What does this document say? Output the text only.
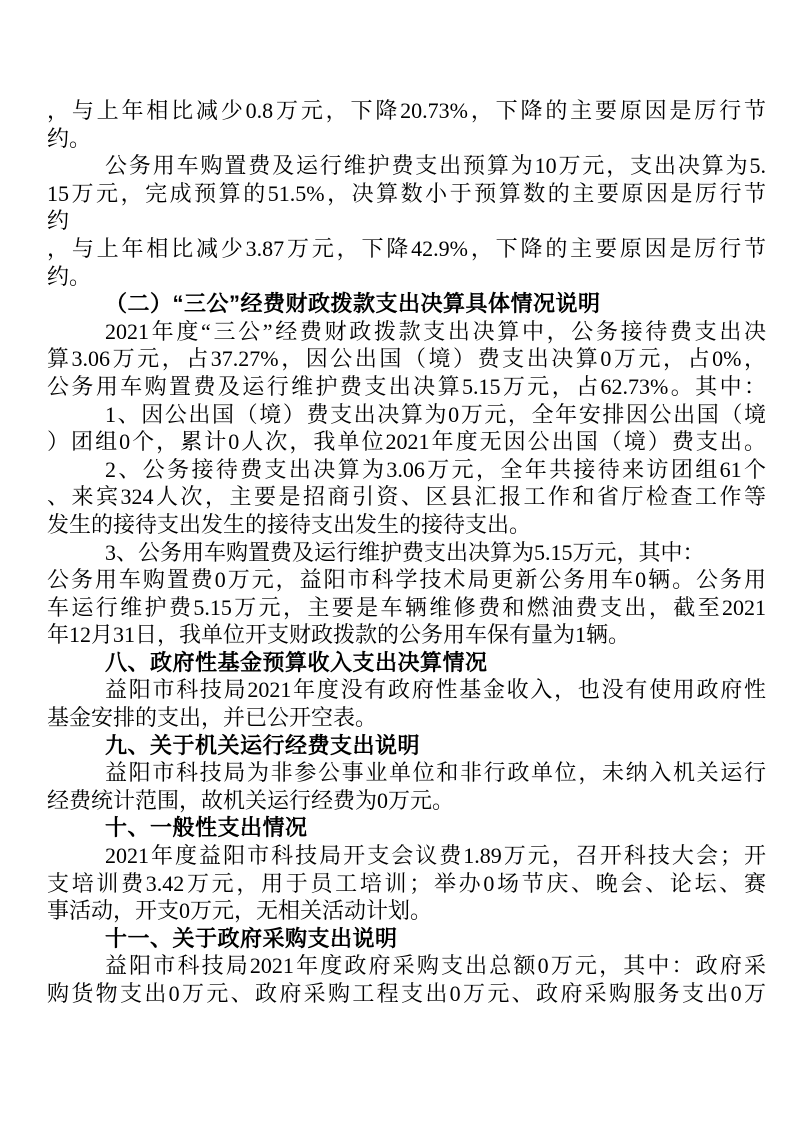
，与上年相比减少0.8万元，下降20.73%，下降的主要原因是厉行节
约。
公务用车购置费及运行维护费支出预算为10万元，支出决算为5.
15万元，完成预算的51.5%，决算数小于预算数的主要原因是厉行节
约
，与上年相比减少3.87万元，下降42.9%，下降的主要原因是厉行节
约。
（二）“三公”经费财政拨款支出决算具体情况说明
2021年度“三公”经费财政拨款支出决算中，公务接待费支出决
算3.06万元，占37.27%，因公出国（境）费支出决算0万元，占0%，
公务用车购置费及运行维护费支出决算5.15万元，占62.73%。其中：
1、因公出国（境）费支出决算为0万元，全年安排因公出国（境
）团组0个，累计0人次，我单位2021年度无因公出国（境）费支出。
2、公务接待费支出决算为3.06万元，全年共接待来访团组61个
、来宾324人次，主要是招商引资、区县汇报工作和省厅检查工作等
发生的接待支出发生的接待支出发生的接待支出。
3、公务用车购置费及运行维护费支出决算为5.15万元，其中：
公务用车购置费0万元，益阳市科学技术局更新公务用车0辆。公务用
车运行维护费5.15万元，主要是车辆维修费和燃油费支出，截至2021
年12月31日，我单位开支财政拨款的公务用车保有量为1辆。
八、政府性基金预算收入支出决算情况
益阳市科技局2021年度没有政府性基金收入，也没有使用政府性
基金安排的支出，并已公开空表。
九、关于机关运行经费支出说明
益阳市科技局为非参公事业单位和非行政单位，未纳入机关运行
经费统计范围，故机关运行经费为0万元。
十、一般性支出情况
2021年度益阳市科技局开支会议费1.89万元，召开科技大会；开
支培训费3.42万元，用于员工培训；举办0场节庆、晚会、论坛、赛
事活动，开支0万元，无相关活动计划。
十一、关于政府采购支出说明
益阳市科技局2021年度政府采购支出总额0万元，其中：政府采
购货物支出0万元、政府采购工程支出0万元、政府采购服务支出0万
